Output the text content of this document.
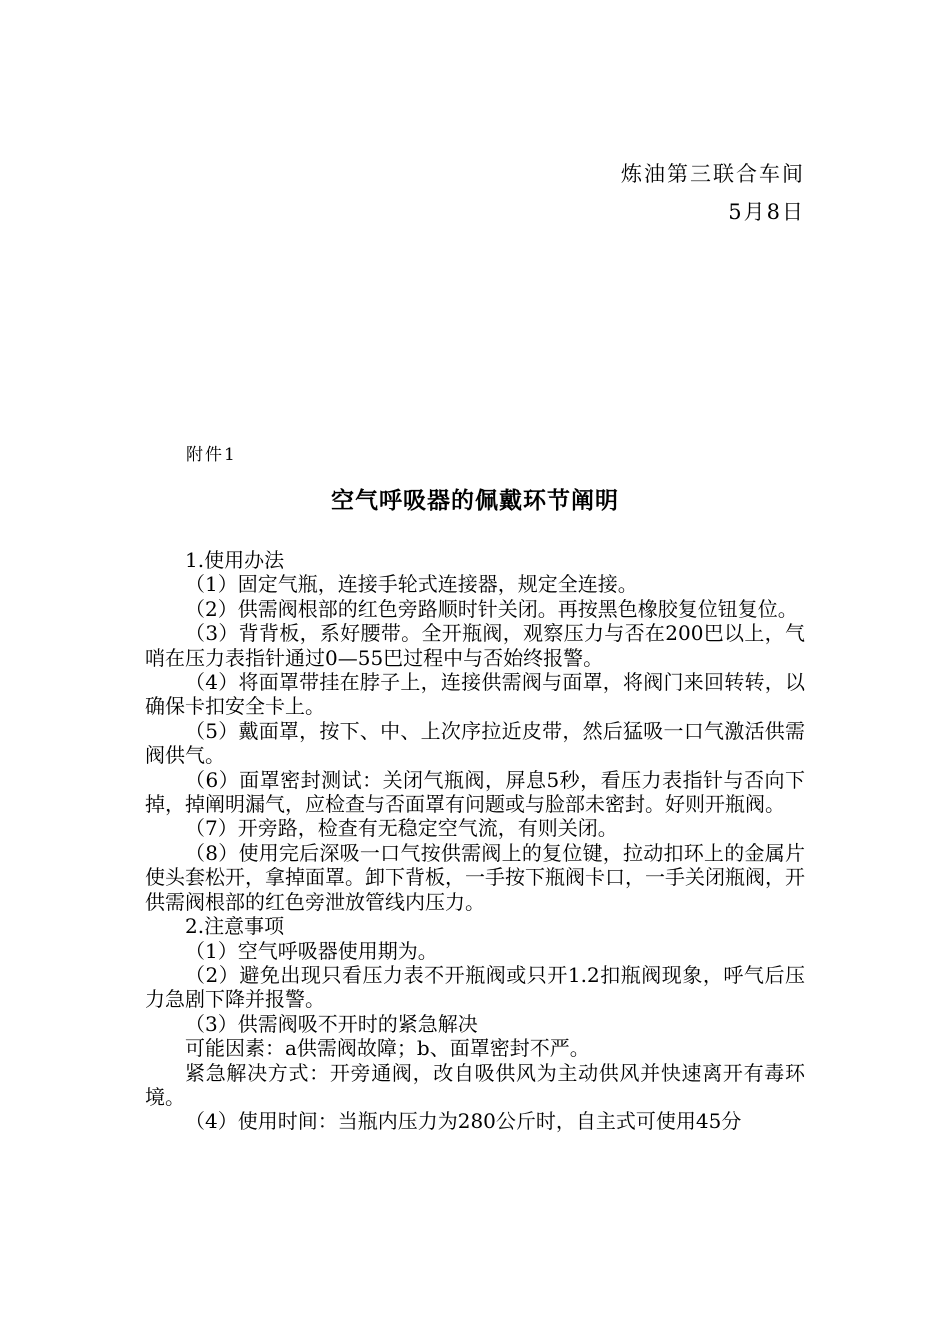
炼油第三联合车间
5月8日
附件1
空气呼吸器的佩戴环节阐明

1.使用办法

（1）固定气瓶，连接手轮式连接器，规定全连接。

（2）供需阀根部的红色旁路顺时针关闭。再按黑色橡胶复位钮复位。

（3）背背板，系好腰带。全开瓶阀，观察压力与否在200巴以上，气哨在压力表指针通过0—55巴过程中与否始终报警。

（4）将面罩带挂在脖子上，连接供需阀与面罩，将阀门来回转转，以确保卡扣安全卡上。

（5）戴面罩，按下、中、上次序拉近皮带，然后猛吸一口气激活供需阀供气。

（6）面罩密封测试：关闭气瓶阀，屏息5秒，看压力表指针与否向下掉，掉阐明漏气，应检查与否面罩有问题或与脸部未密封。好则开瓶阀。

（7）开旁路，检查有无稳定空气流，有则关闭。

（8）使用完后深吸一口气按供需阀上的复位键，拉动扣环上的金属片使头套松开，拿掉面罩。卸下背板，一手按下瓶阀卡口，一手关闭瓶阀，开供需阀根部的红色旁泄放管线内压力。

2.注意事项

（1）空气呼吸器使用期为。

（2）避免出现只看压力表不开瓶阀或只开1.2扣瓶阀现象，呼气后压力急剧下降并报警。

（3）供需阀吸不开时的紧急解决

可能因素：a供需阀故障；b、面罩密封不严。

紧急解决方式：开旁通阀，改自吸供风为主动供风并快速离开有毒环境。

（4）使用时间：当瓶内压力为280公斤时，自主式可使用45分
